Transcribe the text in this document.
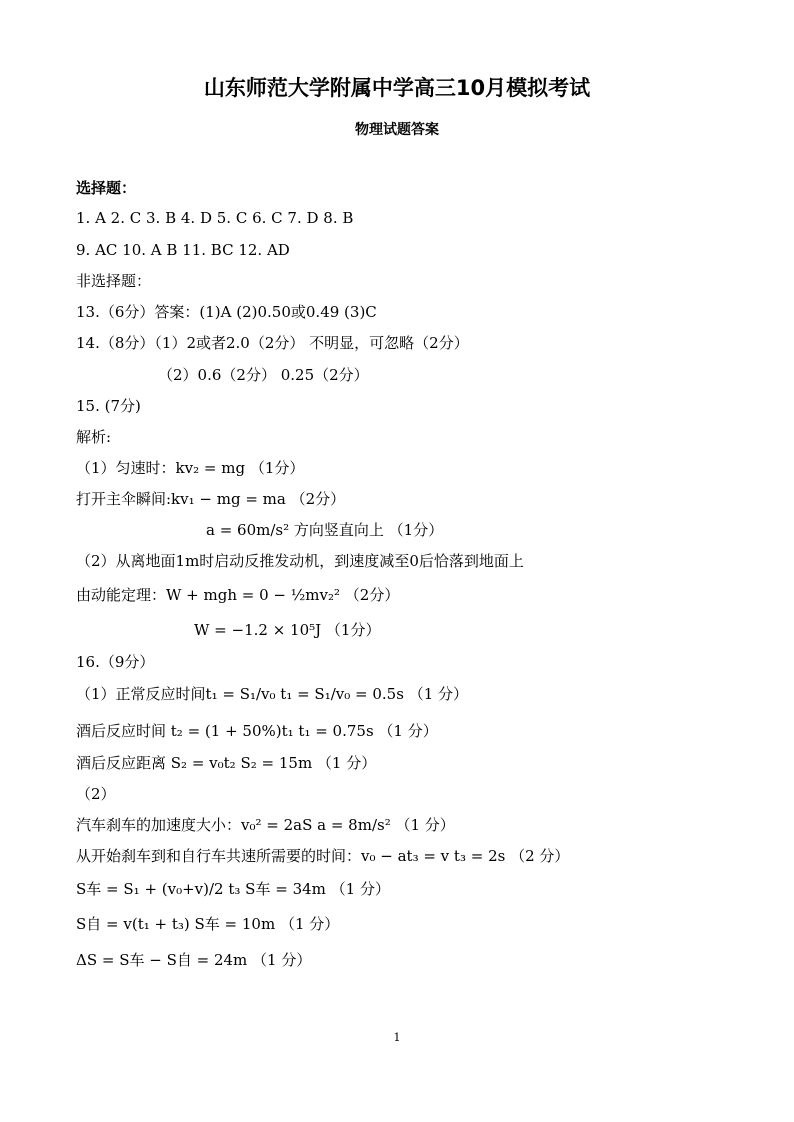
山东师范大学附属中学高三10月模拟考试
物理试题答案
选择题：
1. A 2. C 3. B 4. D 5. C 6. C 7. D 8. B
9. AC 10. A B 11. BC 12. AD
非选择题：
13.（6分）答案：(1)A (2)0.50或0.49 (3)C
14.（8分）（1）2或者2.0（2分） 不明显，可忽略（2分）
（2）0.6（2分） 0.25（2分）
15. (7分)
解析:
（1）匀速时：kv₂ = mg （1分）
打开主伞瞬间:kv₁ − mg = ma （2分）
a = 60m/s² 方向竖直向上 （1分）
（2）从离地面1m时启动反推发动机，到速度减至0后恰落到地面上
由动能定理：W + mgh = 0 − ½mv₂² （2分）
W = −1.2 × 10⁵J （1分）
16.（9分）
（1）正常反应时间t₁ = S₁/v₀ t₁ = S₁/v₀ = 0.5s （1 分）
酒后反应时间 t₂ = (1 + 50%)t₁ t₁ = 0.75s （1 分）
酒后反应距离 S₂ = v₀t₂ S₂ = 15m （1 分）
（2）
汽车刹车的加速度大小：v₀² = 2aS a = 8m/s² （1 分）
从开始刹车到和自行车共速所需要的时间：v₀ − at₃ = v t₃ = 2s （2 分）
S车 = S₁ + (v₀+v)/2 t₃ S车 = 34m （1 分）
S自 = v(t₁ + t₃) S车 = 10m （1 分）
ΔS = S车 − S自 = 24m （1 分）
1
